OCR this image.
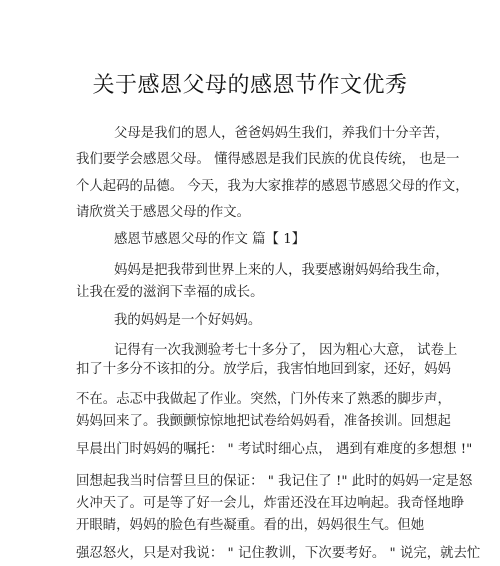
关于感恩父母的感恩节作文优秀
父母是我们的恩人，爸爸妈妈生我们，养我们十分辛苦，
我们要学会感恩父母。 懂得感恩是我们民族的优良传统， 也是一
个人起码的品德。 今天，我为大家推荐的感恩节感恩父母的作文，
请欣赏关于感恩父母的作文。
感恩节感恩父母的作文 篇【 1】
妈妈是把我带到世界上来的人，我要感谢妈妈给我生命，
让我在爱的滋润下幸福的成长。
我的妈妈是一个好妈妈。
记得有一次我测验考七十多分了， 因为粗心大意， 试卷上
扣了十多分不该扣的分。放学后，我害怕地回到家，还好，妈妈
不在。忐忑中我做起了作业。突然，门外传来了熟悉的脚步声，
妈妈回来了。我颤颤惊惊地把试卷给妈妈看，准备挨训。回想起
早晨出门时妈妈的嘱托： " 考试时细心点， 遇到有难度的多想想 !"
回想起我当时信誓旦旦的保证： " 我记住了 !" 此时的妈妈一定是怒
火冲天了。可是等了好一会儿，炸雷还没在耳边响起。我奇怪地睁
开眼睛，妈妈的脸色有些凝重。看的出，妈妈很生气。但她
强忍怒火，只是对我说： " 记住教训，下次要考好。 " 说完，就去忙
